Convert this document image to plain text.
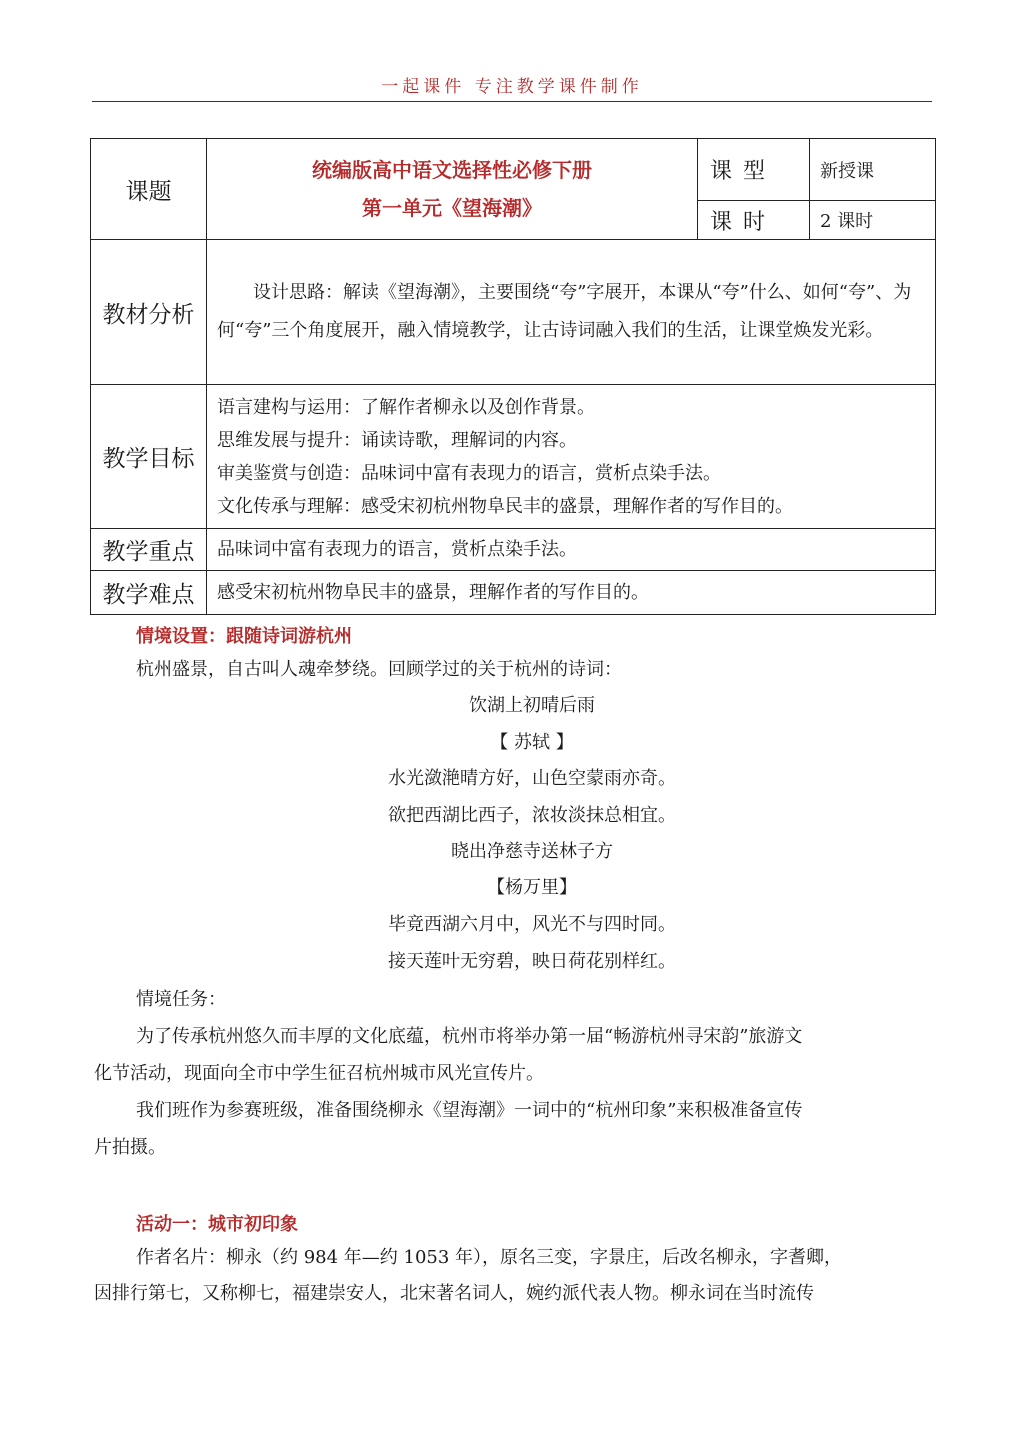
一起课件 专注教学课件制作
课题	统编版高中语文选择性必修下册
第一单元《望海潮》	课 型	新授课
		课 时	2 课时
教材分析	设计思路：解读《望海潮》，主要围绕“夸”字展开，本课从“夸”什么、如何“夸”、为何“夸”三个角度展开，融入情境教学，让古诗词融入我们的生活，让课堂焕发光彩。		

教学目标	语言建构与运用：了解作者柳永以及创作背景。
思维发展与提升：诵读诗歌，理解词的内容。
审美鉴赏与创造：品味词中富有表现力的语言，赏析点染手法。
文化传承与理解：感受宋初杭州物阜民丰的盛景，理解作者的写作目的。		

教学重点	品味词中富有表现力的语言，赏析点染手法。		
教学难点	感受宋初杭州物阜民丰的盛景，理解作者的写作目的。		
情境设置：跟随诗词游杭州
杭州盛景，自古叫人魂牵梦绕。回顾学过的关于杭州的诗词：
饮湖上初晴后雨
【 苏轼 】
水光潋滟晴方好，山色空蒙雨亦奇。
欲把西湖比西子，浓妆淡抹总相宜。
晓出净慈寺送林子方
【杨万里】
毕竟西湖六月中，风光不与四时同。
接天莲叶无穷碧，映日荷花别样红。
情境任务：
为了传承杭州悠久而丰厚的文化底蕴，杭州市将举办第一届“畅游杭州寻宋韵”旅游文
化节活动，现面向全市中学生征召杭州城市风光宣传片。
我们班作为参赛班级，准备围绕柳永《望海潮》一词中的“杭州印象”来积极准备宣传
片拍摄。
活动一：城市初印象
作者名片：柳永（约 984 年—约 1053 年），原名三变，字景庄，后改名柳永，字耆卿，
因排行第七，又称柳七，福建崇安人，北宋著名词人，婉约派代表人物。柳永词在当时流传
